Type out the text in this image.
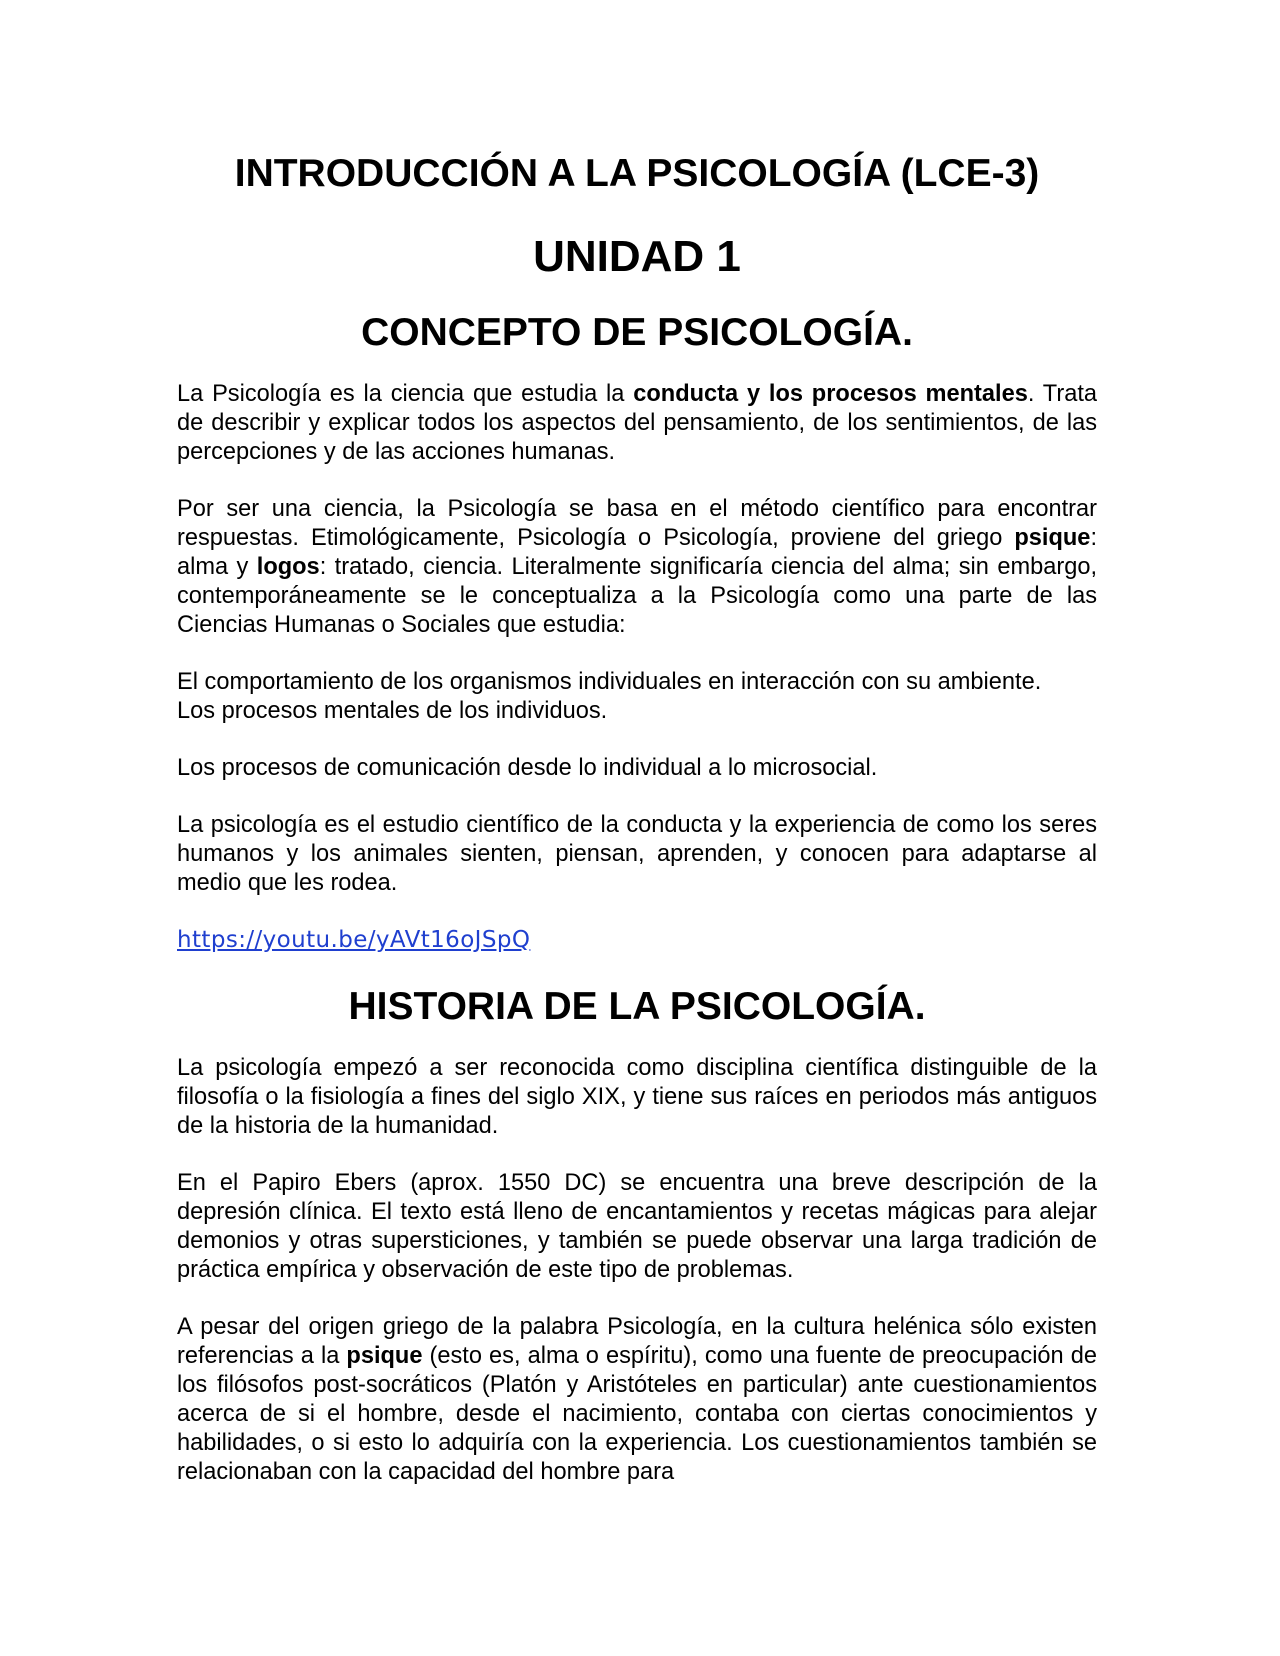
INTRODUCCIÓN A LA PSICOLOGÍA (LCE-3)
UNIDAD 1
CONCEPTO DE PSICOLOGÍA.

La Psicología es la ciencia que estudia la conducta y los procesos mentales. Trata de describir y explicar todos los aspectos del pensamiento, de los sentimientos, de las percepciones y de las acciones humanas.

Por ser una ciencia, la Psicología se basa en el método científico para encontrar respuestas. Etimológicamente, Psicología o Psicología, proviene del griego psique: alma y logos: tratado, ciencia. Literalmente significaría ciencia del alma; sin embargo, contemporáneamente se le conceptualiza a la Psicología como una parte de las Ciencias Humanas o Sociales que estudia:

El comportamiento de los organismos individuales en interacción con su ambiente.

Los procesos mentales de los individuos.

Los procesos de comunicación desde lo individual a lo microsocial.

La psicología es el estudio científico de la conducta y la experiencia de como los seres humanos y los animales sienten, piensan, aprenden, y conocen para adaptarse al medio que les rodea.

https://youtu.be/yAVt16oJSpQ

HISTORIA DE LA PSICOLOGÍA.

La psicología empezó a ser reconocida como disciplina científica distinguible de la filosofía o la fisiología a fines del siglo XIX, y tiene sus raíces en periodos más antiguos de la historia de la humanidad.

En el Papiro Ebers (aprox. 1550 DC) se encuentra una breve descripción de la depresión clínica. El texto está lleno de encantamientos y recetas mágicas para alejar demonios y otras supersticiones, y también se puede observar una larga tradición de práctica empírica y observación de este tipo de problemas.

A pesar del origen griego de la palabra Psicología, en la cultura helénica sólo existen referencias a la psique (esto es, alma o espíritu), como una fuente de preocupación de los filósofos post-socráticos (Platón y Aristóteles en particular) ante cuestionamientos acerca de si el hombre, desde el nacimiento, contaba con ciertas conocimientos y habilidades, o si esto lo adquiría con la experiencia. Los cuestionamientos también se relacionaban con la capacidad del hombre para
